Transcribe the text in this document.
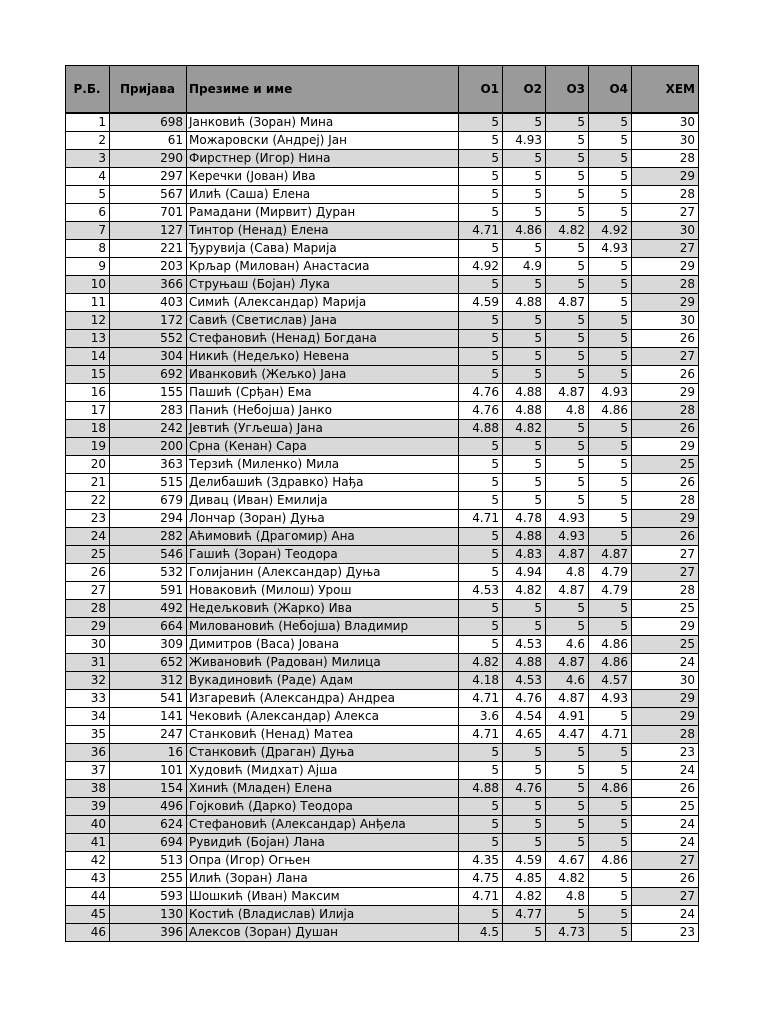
Р.Б.	Пријава	Презиме и име	О1	О2	О3	О4	ХЕМ

1	698	Јанковић (Зоран) Мина	5	5	5	5	30
2	61	Можаровски (Андреј) Јан	5	4.93	5	5	30
3	290	Фирстнер (Игор) Нина	5	5	5	5	28
4	297	Керечки (Јован) Ива	5	5	5	5	29
5	567	Илић (Саша) Елена	5	5	5	5	28
6	701	Рамадани (Мирвит) Дуран	5	5	5	5	27
7	127	Тинтор (Ненад) Елена	4.71	4.86	4.82	4.92	30
8	221	Ђурувија (Сава) Марија	5	5	5	4.93	27
9	203	Крљар (Милован) Анастасиа	4.92	4.9	5	5	29
10	366	Струњаш (Бојан) Лука	5	5	5	5	28
11	403	Симић (Александар) Марија	4.59	4.88	4.87	5	29
12	172	Савић (Светислав) Јана	5	5	5	5	30
13	552	Стефановић (Ненад) Богдана	5	5	5	5	26
14	304	Никић (Недељко) Невена	5	5	5	5	27
15	692	Иванковић (Жељко) Јана	5	5	5	5	26
16	155	Пашић (Срђан) Ема	4.76	4.88	4.87	4.93	29
17	283	Панић (Небојша) Јанко	4.76	4.88	4.8	4.86	28
18	242	Јевтић (Угљеша) Јана	4.88	4.82	5	5	26
19	200	Срна (Кенан) Сара	5	5	5	5	29
20	363	Терзић (Миленко) Мила	5	5	5	5	25
21	515	Делибашић (Здравко) Нађа	5	5	5	5	26
22	679	Дивац (Иван) Емилија	5	5	5	5	28
23	294	Лончар (Зоран) Дуња	4.71	4.78	4.93	5	29
24	282	Аћимовић (Драгомир) Ана	5	4.88	4.93	5	26
25	546	Гашић (Зоран) Теодора	5	4.83	4.87	4.87	27
26	532	Голијанин (Александар) Дуња	5	4.94	4.8	4.79	27
27	591	Новаковић (Милош) Урош	4.53	4.82	4.87	4.79	28
28	492	Недељковић (Жарко) Ива	5	5	5	5	25
29	664	Миловановић (Небојша) Владимир	5	5	5	5	29
30	309	Димитров (Васа) Јована	5	4.53	4.6	4.86	25
31	652	Живановић (Радован) Милица	4.82	4.88	4.87	4.86	24
32	312	Вукадиновић (Раде) Адам	4.18	4.53	4.6	4.57	30
33	541	Изгаревић (Александра) Андреа	4.71	4.76	4.87	4.93	29
34	141	Чековић (Александар) Алекса	3.6	4.54	4.91	5	29
35	247	Станковић (Ненад) Матеа	4.71	4.65	4.47	4.71	28
36	16	Станковић (Драган) Дуња	5	5	5	5	23
37	101	Худовић (Мидхат) Ајша	5	5	5	5	24
38	154	Хинић (Младен) Елена	4.88	4.76	5	4.86	26
39	496	Гојковић (Дарко) Теодора	5	5	5	5	25
40	624	Стефановић (Александар) Анђела	5	5	5	5	24
41	694	Рувидић (Бојан) Лана	5	5	5	5	24
42	513	Опра (Игор) Огњен	4.35	4.59	4.67	4.86	27
43	255	Илић (Зоран) Лана	4.75	4.85	4.82	5	26
44	593	Шошкић (Иван) Максим	4.71	4.82	4.8	5	27
45	130	Костић (Владислав) Илија	5	4.77	5	5	24
46	396	Алексов (Зоран) Душан	4.5	5	4.73	5	23
